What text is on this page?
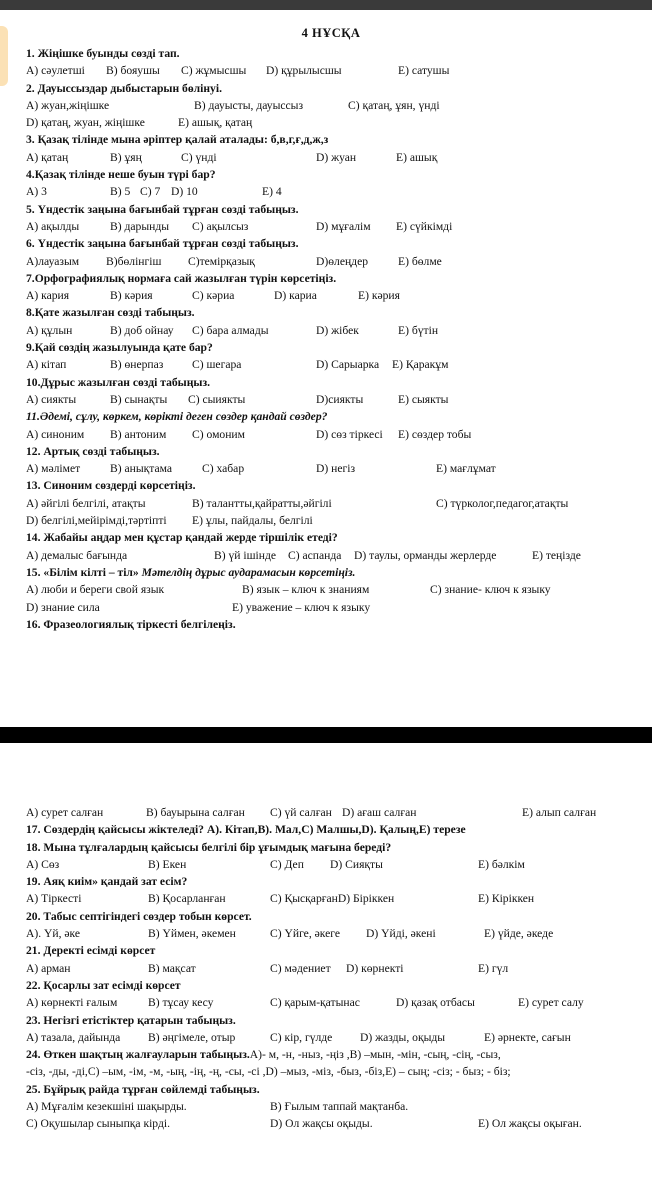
4 НҰСҚА
1. Жіңішке буынды сөзді тап.
А) сәулетші В) бояушы С) жұмысшы D) құрылысшы	Е) сатушы
2. Дауыссыздар дыбыстарын бөлінуі.
А) жуан,жіңішке	В) дауысты, дауыссыз	С) қатаң, ұян, үнді
D) қатаң, жуан, жіңішке	Е) ашық, қатаң
3. Қазақ тілінде мына әріптер қалай аталады: б,в,г,ғ,д,ж,з
А) қатаң	В) ұяң	С) үнді	D) жуан	Е) ашық
4.Қазақ тілінде неше буын түрі бар?
А) 3	В) 5 С) 7 D) 10	Е) 4
5. Үндестік заңына бағынбай тұрған сөзді табыңыз.
А) ақылды	В) дарынды С) ақылсыз	D) мұғалім Е) сүйкімді
6. Үндестік заңына бағынбай тұрған сөзді табыңыз.
А)лауазым В)бөлінгіш С)темірқазық	D)өлеңдер	Е) бөлме
7.Орфографиялық нормаға сай жазылған түрін көрсетіңіз.
А) кария	В) кәрия	С) кәриа	D) кариа	Е) кәрия
8.Қате жазылған сөзді табыңыз.
А) құлын	В) доб ойнау С) бара алмады	D) жібек	Е) бүтін
9.Қай сөздің жазылуында қате бар?
А) кітап	В) өнерпаз С) шегара	D) Сарыарка Е) Қаракұм
10.Дұрыс жазылған сөзді табыңыз.
А) сиякты	В) сынақты С) сыиякты	D)сиякты	Е) сыякты
11.Әдемі, сұлу, көркем, көрікті деген сөздер қандай сөздер?
А) синоним В) антоним С) омоним	D) сөз тіркесі Е) сөздер тобы
12. Артық сөзді табыңыз.
А) мәлімет	В) анықтама	С) хабар	D) негіз	Е) мағлұмат
13. Синоним сөздерді көрсетіңіз.
А) әйгілі белгілі, атақты	В) талантты,қайратты,әйгілі	С) түрколог,педагог,атақты
D) белгілі,мейірімді,тәртіпті Е) ұлы, пайдалы, белгілі
14. Жабайы аңдар мен құстар қандай жерде тіршілік етеді?
А) демалыс бағында	В) үй ішінде С) аспанда D) таулы, орманды жерлерде	Е) теңізде
15. «Білім кілті – тіл» Мәтелдің дұрыс аударамасын көрсетіңіз.
А) люби и береги свой язык	В) язык – ключ к знаниям	С) знание- ключ к языку
D) знание сила	Е) уважение – ключ к языку
16. Фразеологиялық тіркесті белгілеңіз.
А) сурет салған	В) бауырына салған С) үй салған D) ағаш салған	Е) алып салған
17. Сөздердің қайсысы жіктеледі? А). Кітап,В). Мал,С) Малшы,D). Қалың,Е) терезе
18. Мына тұлғалардың қайсысы белгілі бір ұғымдық мағына береді?
А) Сөз	В) Екен	С) Деп D) Сияқты	Е) бәлкім
19. Аяқ киім» қандай зат есім?
А) Тіркесті	В) Қосарланған	С) ҚысқарғанD) Біріккен	Е) Кіріккен
20. Табыс септігіндегі сөздер тобын көрсет.
А). Үй, әке	В) Үймен, әкемен	С) Үйге, әкеге D) Үйді, әкені	Е) үйде, әкеде
21. Деректі есімді көрсет
А) арман	В) мақсат	С) мәдениет D) көрнекті	Е) гүл
22. Қосарлы зат есімді көрсет
А) көрнекті ғалым	В) тұсау кесу	С) қарым-қатынас	D) қазақ отбасы	Е) сурет салу
23. Негізгі етістіктер қатарын табыңыз.
А) тазала, дайында В) әңгімеле, отыр	С) кір, гүлде D) жазды, оқыды	Е) әрнекте, сағын
24. Өткен шақтың жалғауларын табыңыз.А)- м, -н, -ныз, -ңіз ,В) –мын, -мін, -сың, -сің, -сыз,
-сіз, -ды, -ді,С) –ым, -ім, -м, -ың, -ің, -ң, -сы, -сі ,D) –мыз, -міз, -быз, -біз,Е) – сың; -сіз; - быз; - біз;
25. Бұйрық райда тұрған сөйлемді табыңыз.
А) Мұғалім кезекшіні шақырды.	В) Ғылым таппай мақтанба.
С) Оқушылар сыныпқа кірді.	D) Ол жақсы оқыды.	Е) Ол жақсы оқыған.
